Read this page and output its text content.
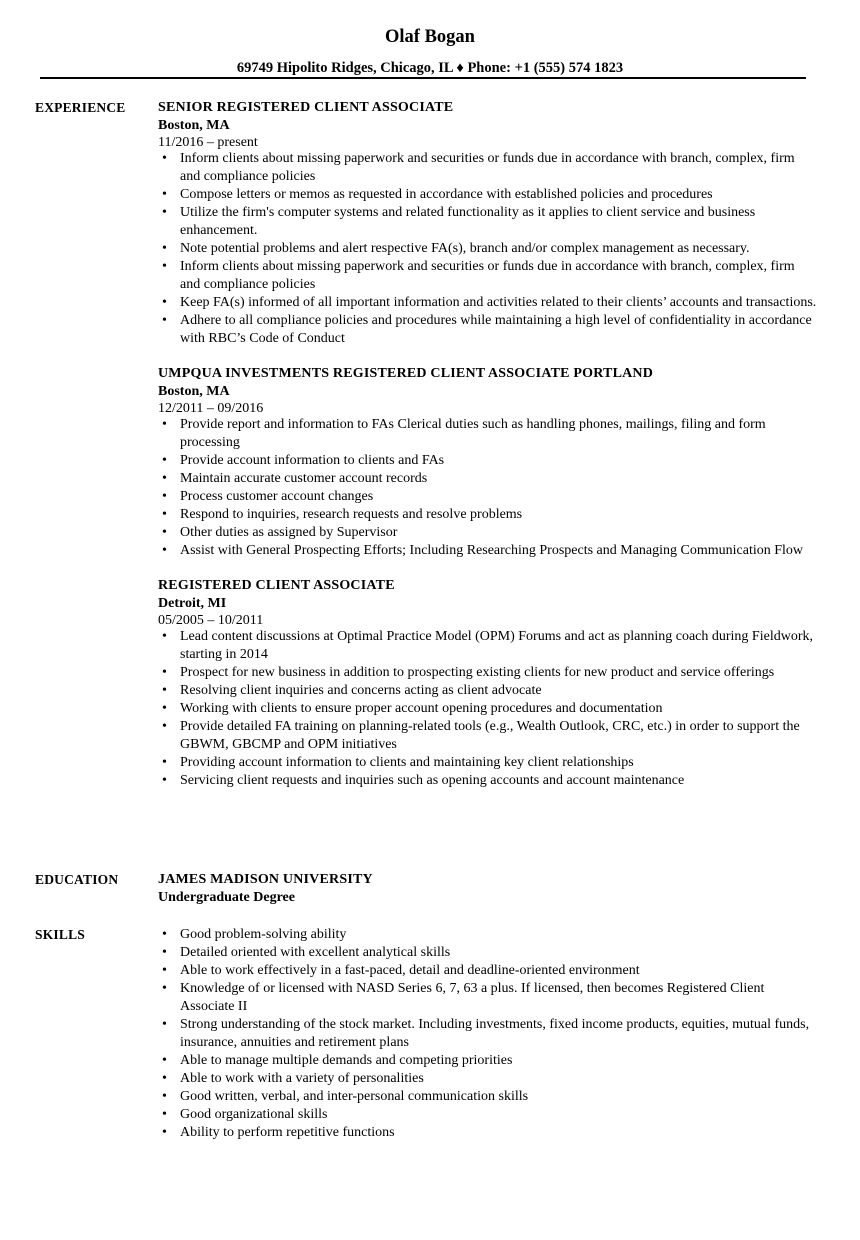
Olaf Bogan
69749 Hipolito Ridges, Chicago, IL ♦ Phone: +1 (555) 574 1823
EXPERIENCE SENIOR REGISTERED CLIENT ASSOCIATE
Boston, MA
11/2016 – present
• Inform clients about missing paperwork and securities or funds due in accordance with branch, complex, firm and compliance policies
• Compose letters or memos as requested in accordance with established policies and procedures
• Utilize the firm's computer systems and related functionality as it applies to client service and business enhancement.
• Note potential problems and alert respective FA(s), branch and/or complex management as necessary.
• Inform clients about missing paperwork and securities or funds due in accordance with branch, complex, firm and compliance policies
• Keep FA(s) informed of all important information and activities related to their clients’ accounts and transactions.
• Adhere to all compliance policies and procedures while maintaining a high level of confidentiality in accordance with RBC’s Code of Conduct
UMPQUA INVESTMENTS REGISTERED CLIENT ASSOCIATE PORTLAND
Boston, MA
12/2011 – 09/2016
• Provide report and information to FAs Clerical duties such as handling phones, mailings, filing and form processing
• Provide account information to clients and FAs
• Maintain accurate customer account records
• Process customer account changes
• Respond to inquiries, research requests and resolve problems
• Other duties as assigned by Supervisor
• Assist with General Prospecting Efforts; Including Researching Prospects and Managing Communication Flow
REGISTERED CLIENT ASSOCIATE
Detroit, MI
05/2005 – 10/2011
• Lead content discussions at Optimal Practice Model (OPM) Forums and act as planning coach during Fieldwork, starting in 2014
• Prospect for new business in addition to prospecting existing clients for new product and service offerings
• Resolving client inquiries and concerns acting as client advocate
• Working with clients to ensure proper account opening procedures and documentation
• Provide detailed FA training on planning-related tools (e.g., Wealth Outlook, CRC, etc.) in order to support the GBWM, GBCMP and OPM initiatives
• Providing account information to clients and maintaining key client relationships
• Servicing client requests and inquiries such as opening accounts and account maintenance
EDUCATION	JAMES MADISON UNIVERSITY
Undergraduate Degree
SKILLS
•	Good problem-solving ability
• Detailed oriented with excellent analytical skills
• Able to work effectively in a fast-paced, detail and deadline-oriented environment
• Knowledge of or licensed with NASD Series 6, 7, 63 a plus. If licensed, then becomes Registered Client Associate II
• Strong understanding of the stock market. Including investments, fixed income products, equities, mutual funds, insurance, annuities and retirement plans
• Able to manage multiple demands and competing priorities
• Able to work with a variety of personalities
• Good written, verbal, and inter-personal communication skills
• Good organizational skills
• Ability to perform repetitive functions
